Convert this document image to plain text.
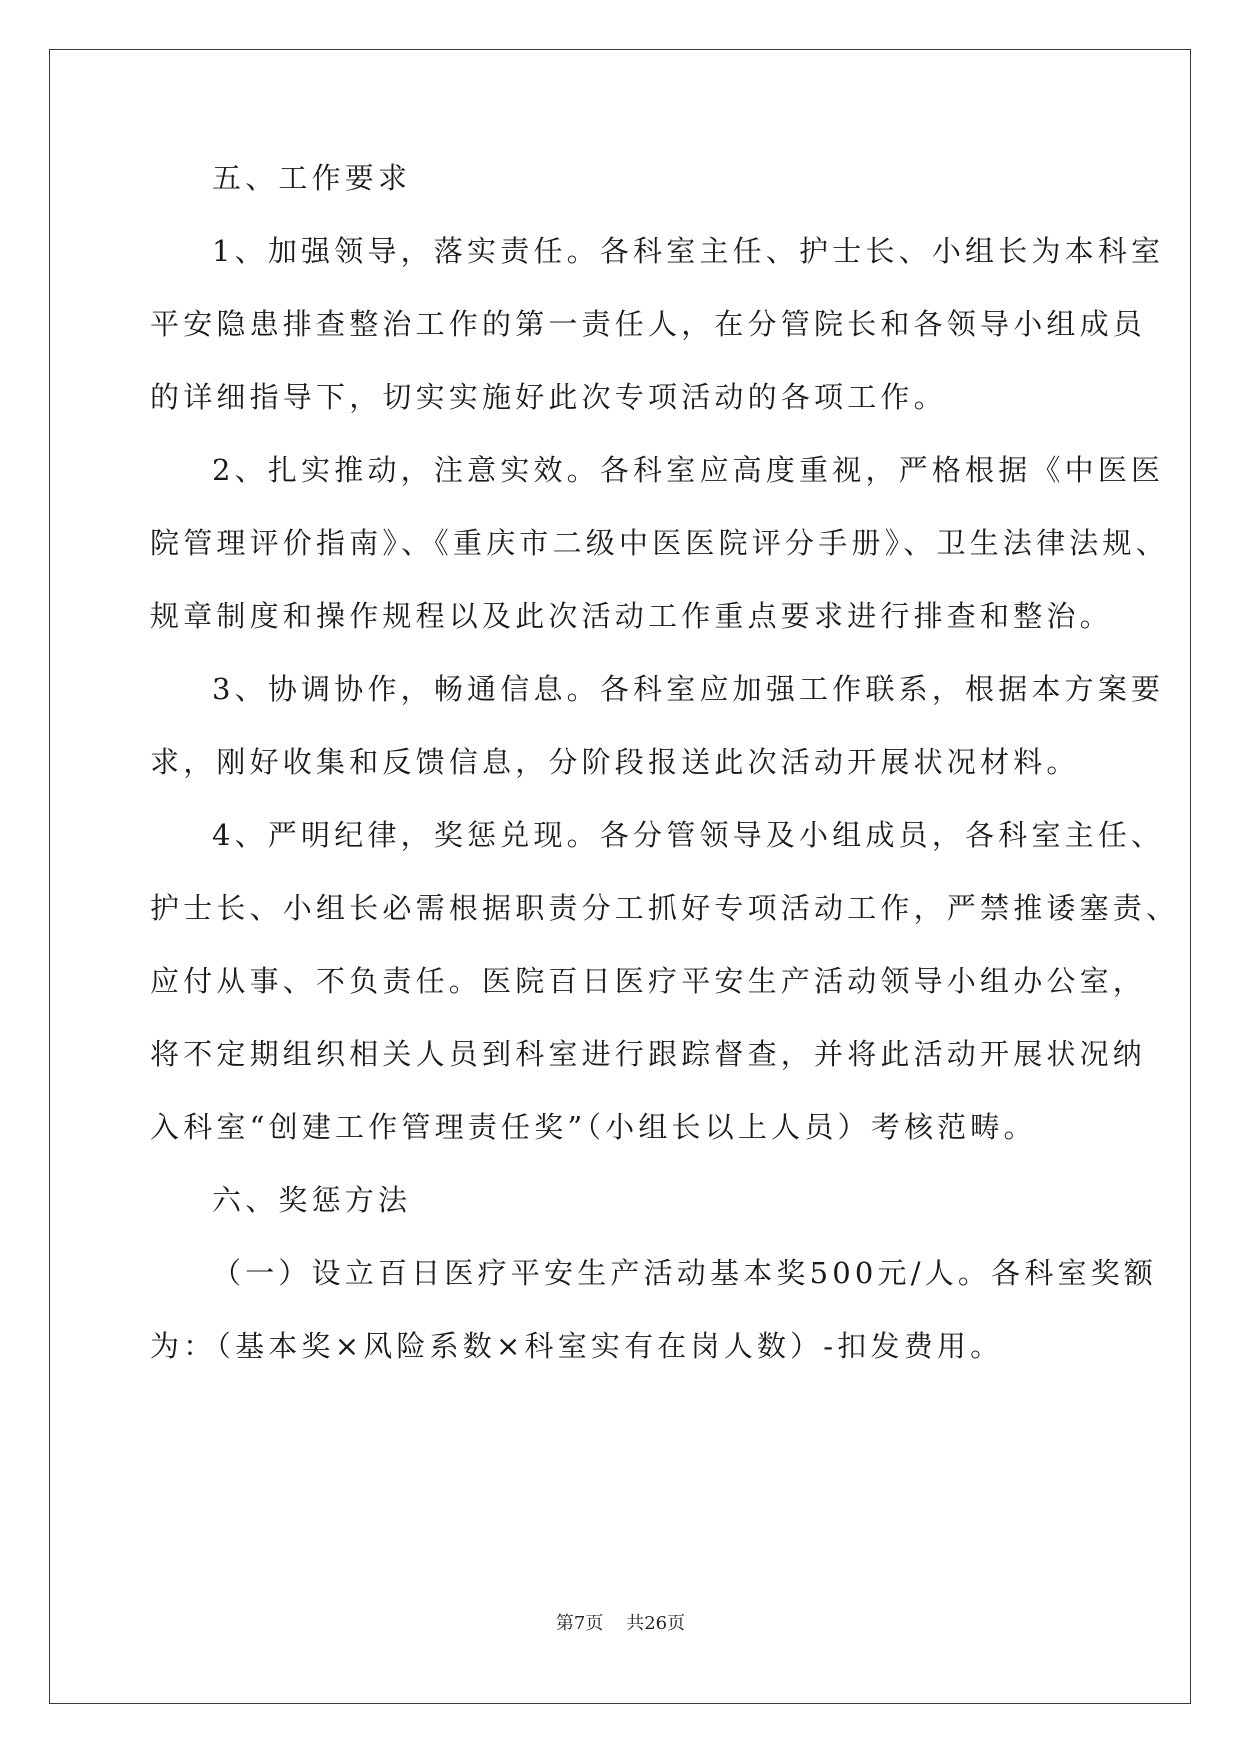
五、工作要求
1、加强领导，落实责任。各科室主任、护士长、小组长为本科室
平安隐患排查整治工作的第一责任人，在分管院长和各领导小组成员
的详细指导下，切实实施好此次专项活动的各项工作。
2、扎实推动，注意实效。各科室应高度重视，严格根据《中医医
院管理评价指南》、《重庆市二级中医医院评分手册》、卫生法律法规、
规章制度和操作规程以及此次活动工作重点要求进行排查和整治。
3、协调协作，畅通信息。各科室应加强工作联系，根据本方案要
求，刚好收集和反馈信息，分阶段报送此次活动开展状况材料。
4、严明纪律，奖惩兑现。各分管领导及小组成员，各科室主任、
护士长、小组长必需根据职责分工抓好专项活动工作，严禁推诿塞责、
应付从事、不负责任。医院百日医疗平安生产活动领导小组办公室，
将不定期组织相关人员到科室进行跟踪督查，并将此活动开展状况纳
入科室“创建工作管理责任奖”（小组长以上人员）考核范畴。
六、奖惩方法
（一）设立百日医疗平安生产活动基本奖500元/人。各科室奖额
为：（基本奖×风险系数×科室实有在岗人数）-扣发费用。
第7页 共26页
